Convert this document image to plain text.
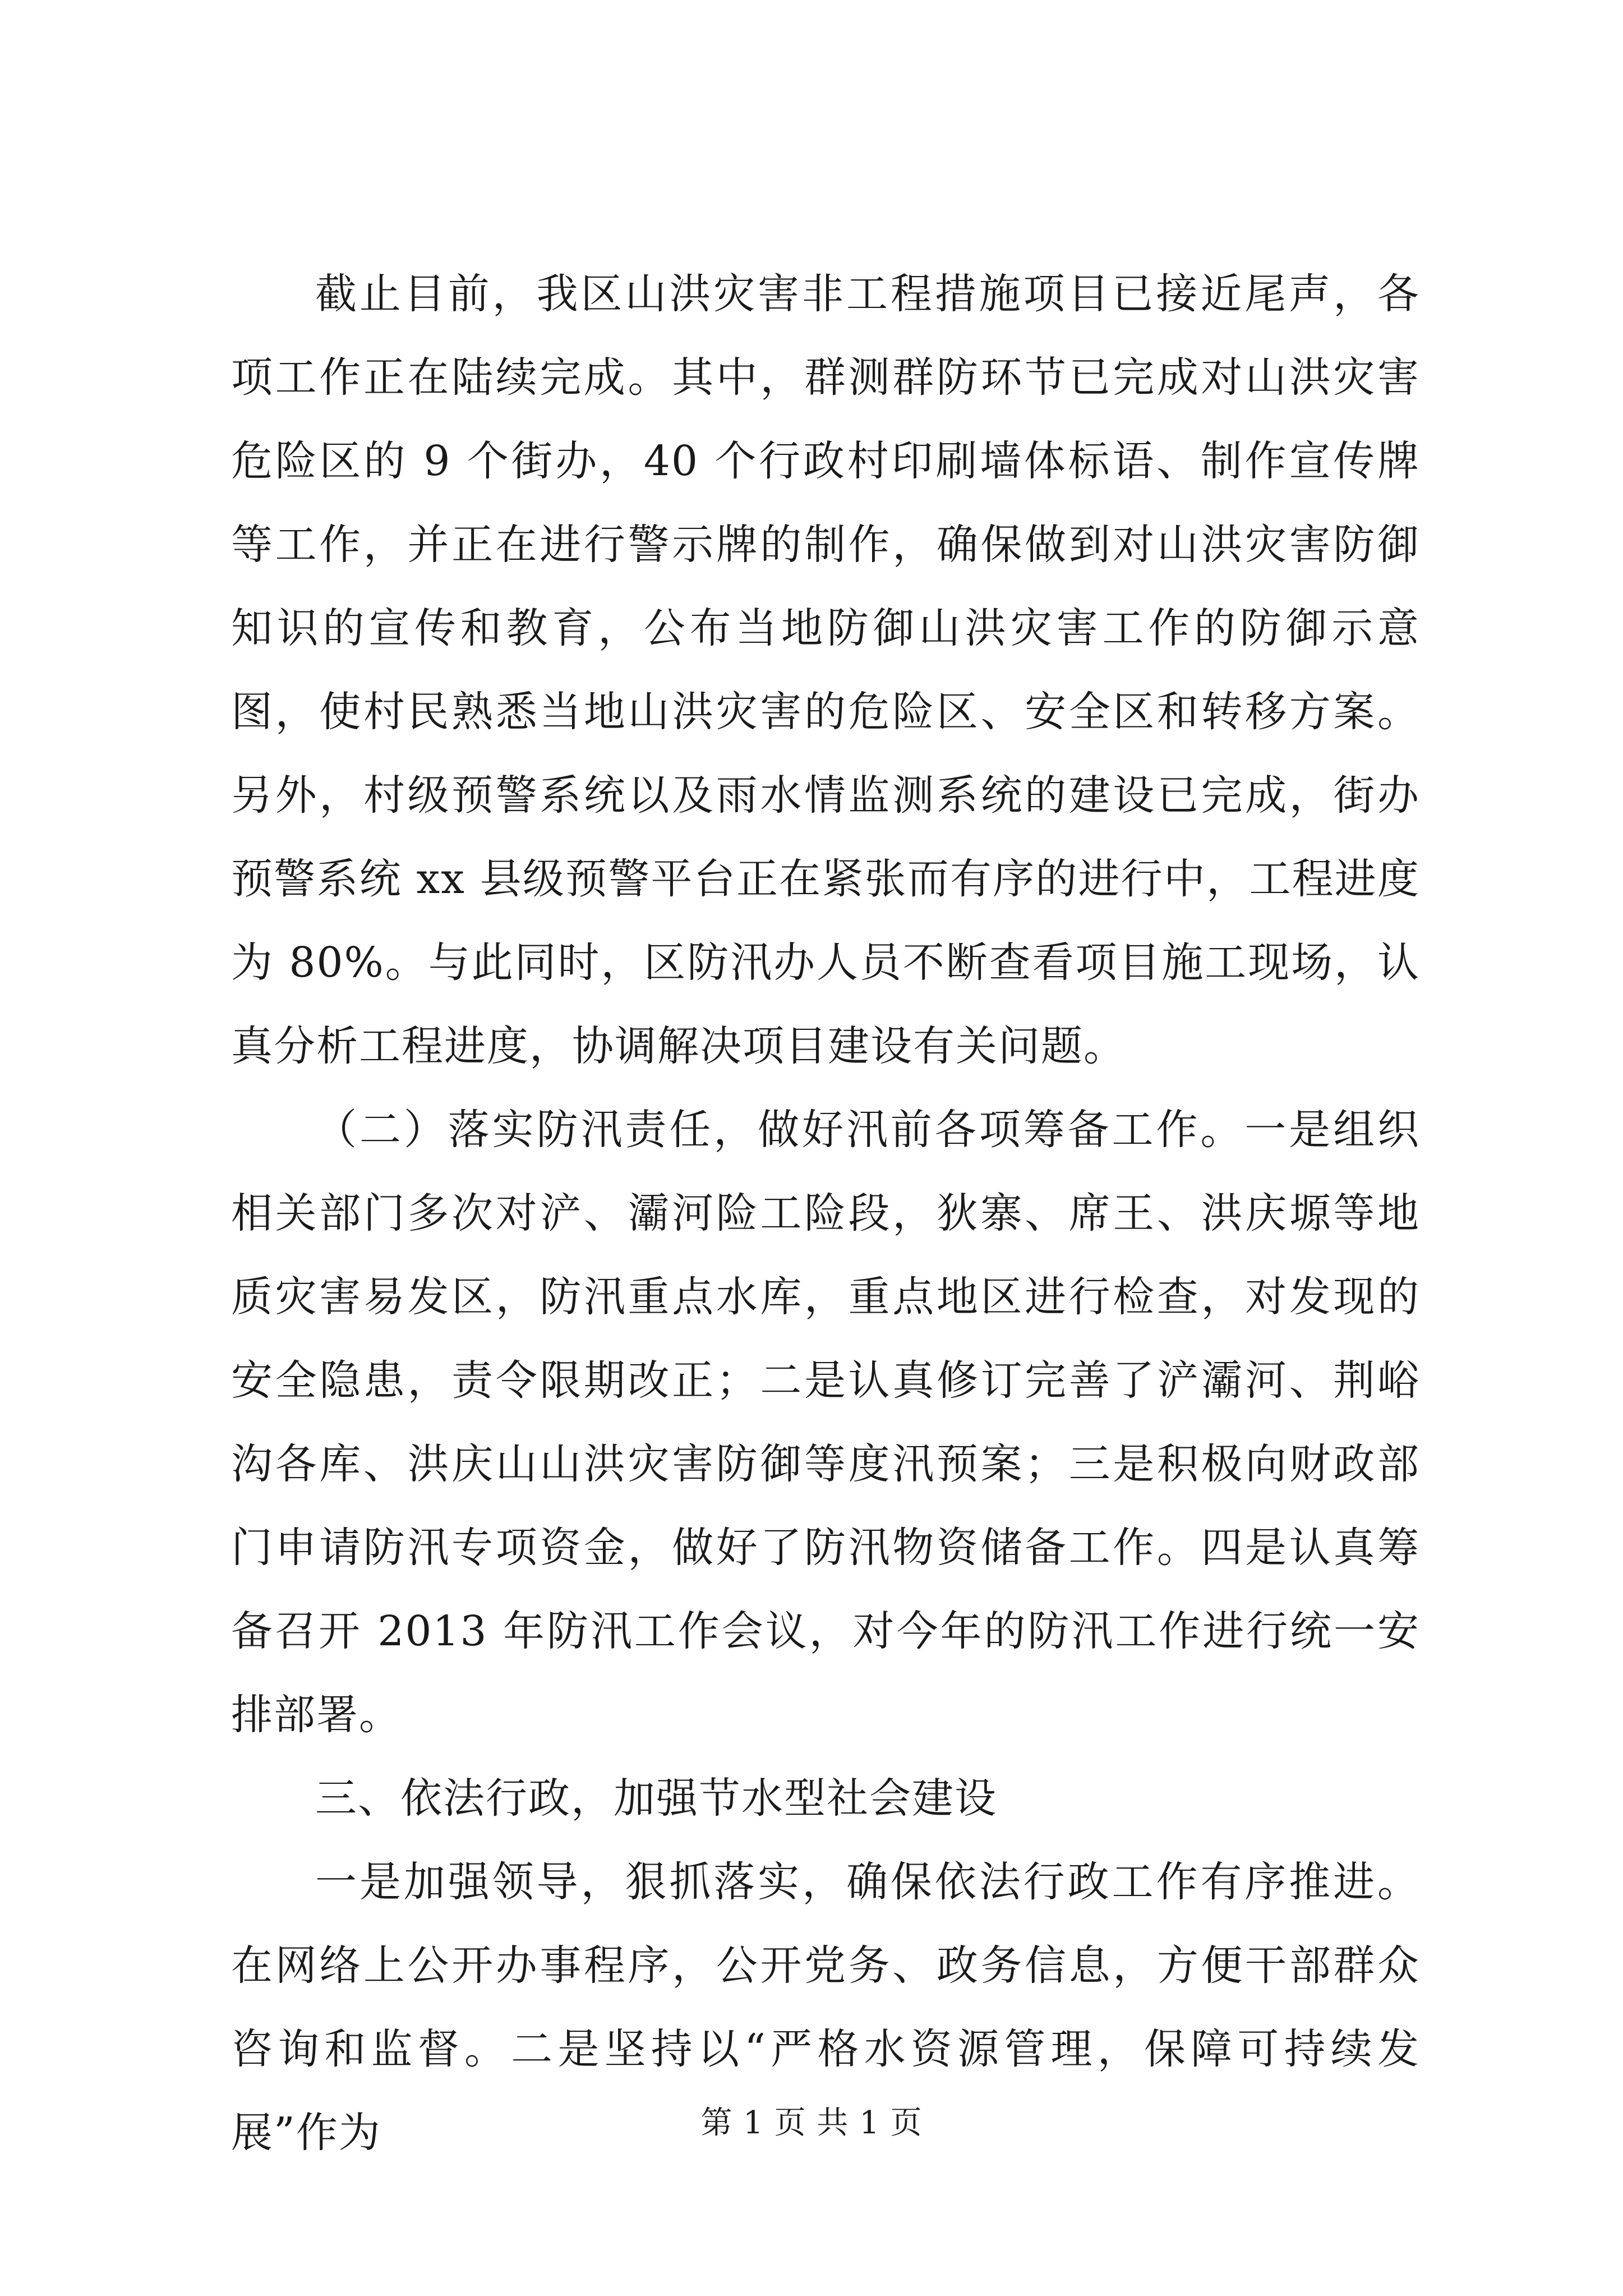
截止目前，我区山洪灾害非工程措施项目已接近尾声，各项工作正在陆续完成。其中，群测群防环节已完成对山洪灾害危险区的 9 个街办，40 个行政村印刷墙体标语、制作宣传牌等工作，并正在进行警示牌的制作，确保做到对山洪灾害防御知识的宣传和教育，公布当地防御山洪灾害工作的防御示意图，使村民熟悉当地山洪灾害的危险区、安全区和转移方案。另外，村级预警系统以及雨水情监测系统的建设已完成，街办预警系统 xx 县级预警平台正在紧张而有序的进行中，工程进度为 80%。与此同时，区防汛办人员不断查看项目施工现场，认真分析工程进度，协调解决项目建设有关问题。

（二）落实防汛责任，做好汛前各项筹备工作。一是组织相关部门多次对浐、灞河险工险段，狄寨、席王、洪庆塬等地质灾害易发区，防汛重点水库，重点地区进行检查，对发现的安全隐患，责令限期改正；二是认真修订完善了浐灞河、荆峪沟各库、洪庆山山洪灾害防御等度汛预案；三是积极向财政部门申请防汛专项资金，做好了防汛物资储备工作。四是认真筹备召开 2013 年防汛工作会议，对今年的防汛工作进行统一安排部署。

三、依法行政，加强节水型社会建设

一是加强领导，狠抓落实，确保依法行政工作有序推进。在网络上公开办事程序，公开党务、政务信息，方便干部群众咨询和监督。二是坚持以“严格水资源管理，保障可持续发展”作为	第 1 页 共 1 页
